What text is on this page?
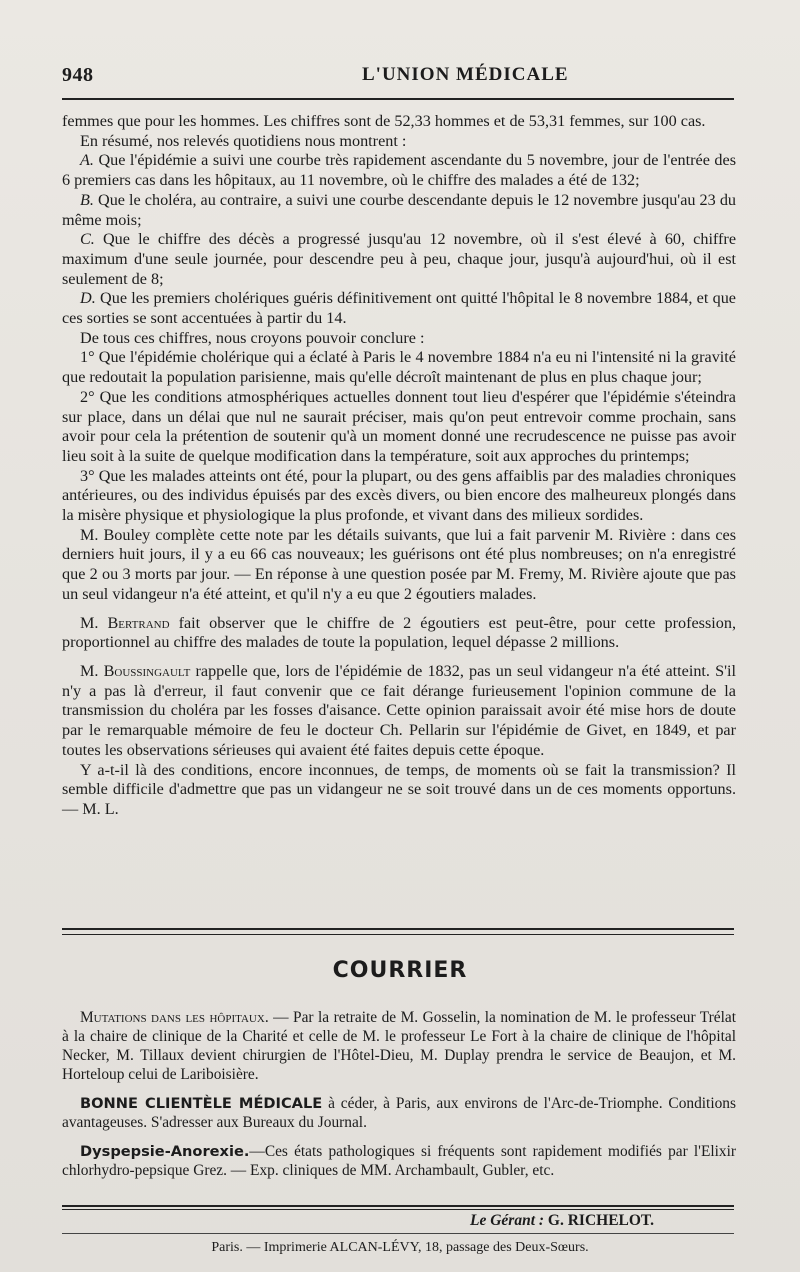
948	L'UNION MÉDICALE

femmes que pour les hommes. Les chiffres sont de 52,33 hommes et de 53,31 femmes, sur 100 cas.

En résumé, nos relevés quotidiens nous montrent :

A. Que l'épidémie a suivi une courbe très rapidement ascendante du 5 novembre, jour de l'entrée des 6 premiers cas dans les hôpitaux, au 11 novembre, où le chiffre des malades a été de 132;

B. Que le choléra, au contraire, a suivi une courbe descendante depuis le 12 novembre jusqu'au 23 du même mois;

C. Que le chiffre des décès a progressé jusqu'au 12 novembre, où il s'est élevé à 60, chiffre maximum d'une seule journée, pour descendre peu à peu, chaque jour, jusqu'à aujourd'hui, où il est seulement de 8;

D. Que les premiers cholériques guéris définitivement ont quitté l'hôpital le 8 novembre 1884, et que ces sorties se sont accentuées à partir du 14.

De tous ces chiffres, nous croyons pouvoir conclure :

1° Que l'épidémie cholérique qui a éclaté à Paris le 4 novembre 1884 n'a eu ni l'intensité ni la gravité que redoutait la population parisienne, mais qu'elle décroît maintenant de plus en plus chaque jour;

2° Que les conditions atmosphériques actuelles donnent tout lieu d'espérer que l'épidémie s'éteindra sur place, dans un délai que nul ne saurait préciser, mais qu'on peut entrevoir comme prochain, sans avoir pour cela la prétention de soutenir qu'à un moment donné une recrudescence ne puisse pas avoir lieu soit à la suite de quelque modification dans la température, soit aux approches du printemps;

3° Que les malades atteints ont été, pour la plupart, ou des gens affaiblis par des maladies chroniques antérieures, ou des individus épuisés par des excès divers, ou bien encore des malheureux plongés dans la misère physique et physiologique la plus profonde, et vivant dans des milieux sordides.

M. Bouley complète cette note par les détails suivants, que lui a fait parvenir M. Rivière : dans ces derniers huit jours, il y a eu 66 cas nouveaux; les guérisons ont été plus nombreuses; on n'a enregistré que 2 ou 3 morts par jour. — En réponse à une question posée par M. Fremy, M. Rivière ajoute que pas un seul vidangeur n'a été atteint, et qu'il n'y a eu que 2 égoutiers malades.

M. Bertrand fait observer que le chiffre de 2 égoutiers est peut-être, pour cette profession, proportionnel au chiffre des malades de toute la population, lequel dépasse 2 millions.

M. Boussingault rappelle que, lors de l'épidémie de 1832, pas un seul vidangeur n'a été atteint. S'il n'y a pas là d'erreur, il faut convenir que ce fait dérange furieusement l'opinion commune de la transmission du choléra par les fosses d'aisance. Cette opinion paraissait avoir été mise hors de doute par le remarquable mémoire de feu le docteur Ch. Pellarin sur l'épidémie de Givet, en 1849, et par toutes les observations sérieuses qui avaient été faites depuis cette époque.

Y a-t-il là des conditions, encore inconnues, de temps, de moments où se fait la transmission? Il semble difficile d'admettre que pas un vidangeur ne se soit trouvé dans un de ces moments opportuns. — M. L.

COURRIER

Mutations dans les hôpitaux. — Par la retraite de M. Gosselin, la nomination de M. le professeur Trélat à la chaire de clinique de la Charité et celle de M. le professeur Le Fort à la chaire de clinique de l'hôpital Necker, M. Tillaux devient chirurgien de l'Hôtel-Dieu, M. Duplay prendra le service de Beaujon, et M. Horteloup celui de Lariboisière.

BONNE CLIENTÈLE MÉDICALE à céder, à Paris, aux environs de l'Arc-de-Triomphe. Conditions avantageuses. S'adresser aux Bureaux du Journal.

Dyspepsie-Anorexie.—Ces états pathologiques si fréquents sont rapidement modifiés par l'Elixir chlorhydro-pepsique Grez. — Exp. cliniques de MM. Archambault, Gubler, etc.

Le Gérant : G. RICHELOT.
Paris. — Imprimerie ALCAN-LÉVY, 18, passage des Deux-Sœurs.
